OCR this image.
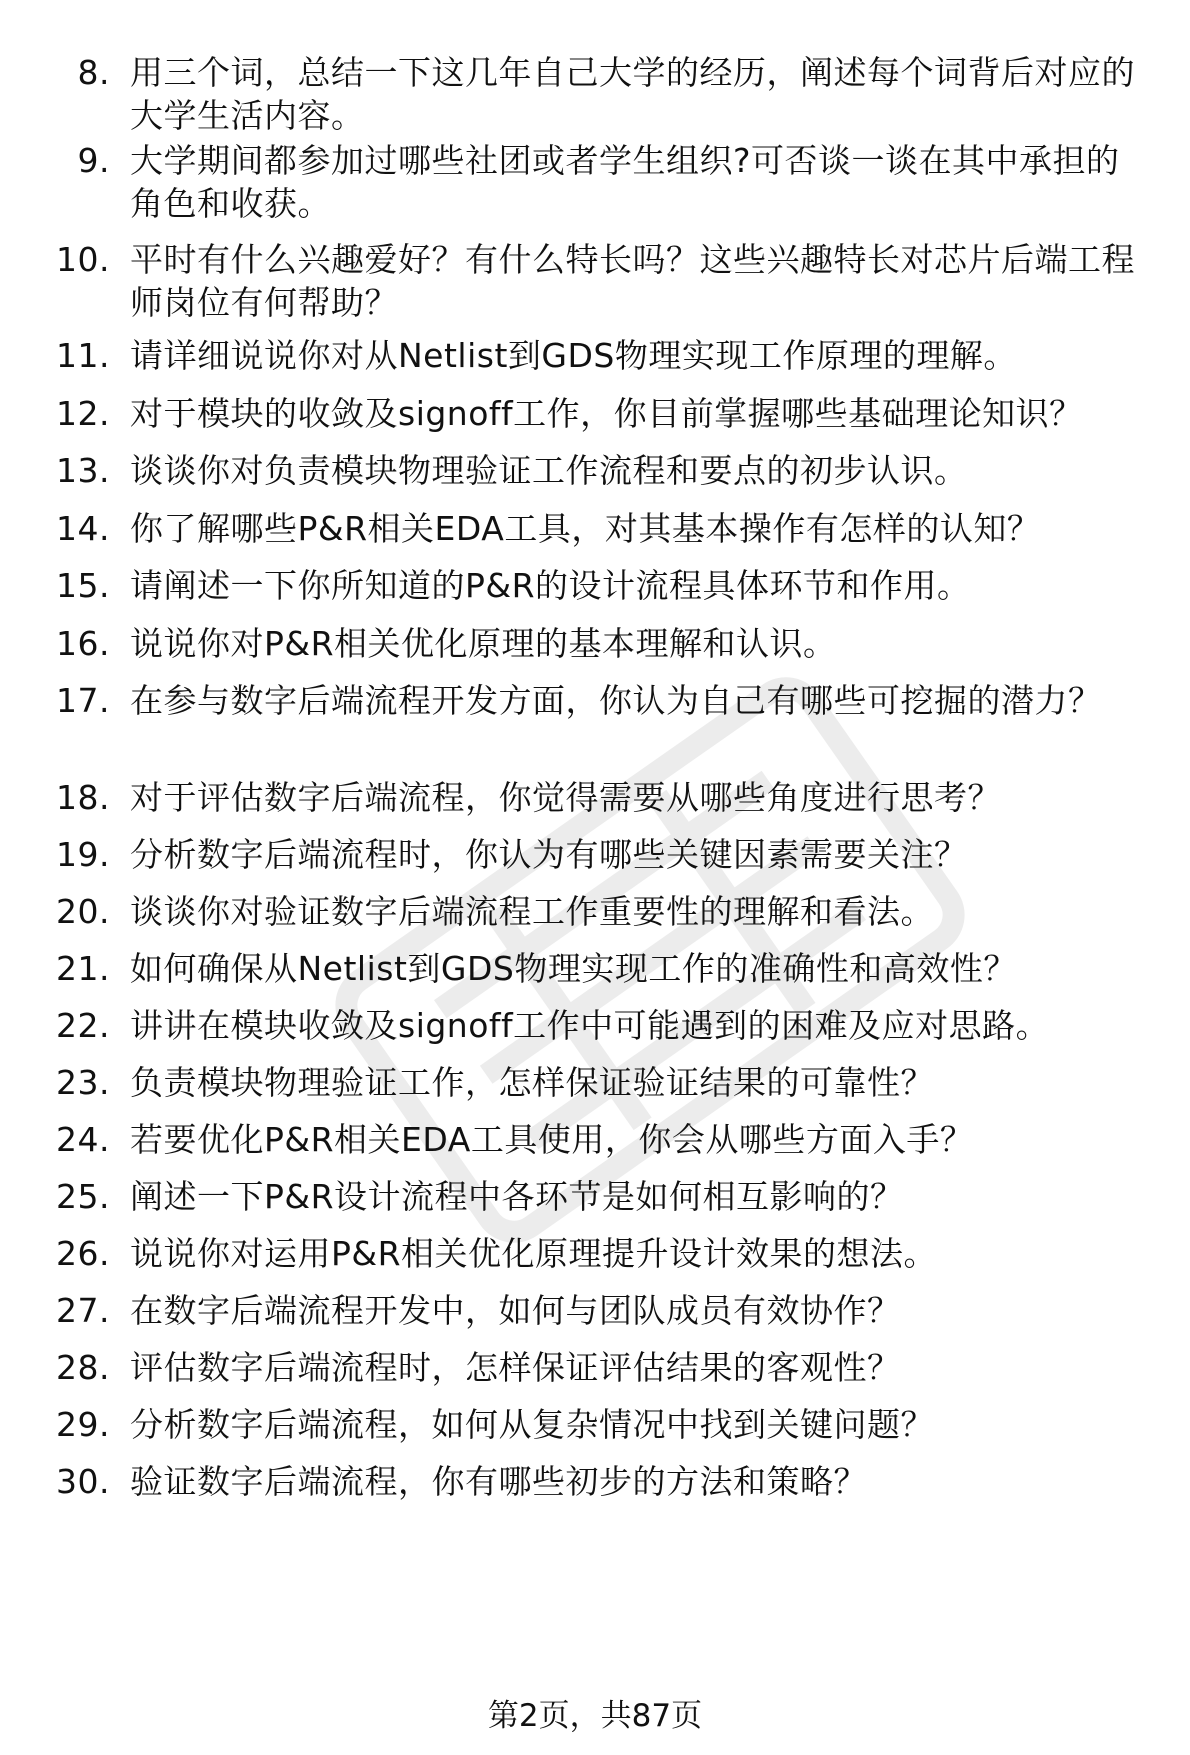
8. 用三个词，总结一下这几年自己大学的经历，阐述每个词背后对应的大学生活内容。
9. 大学期间都参加过哪些社团或者学生组织?可否谈一谈在其中承担的角色和收获。
10. 平时有什么兴趣爱好？有什么特长吗？这些兴趣特长对芯片后端工程师岗位有何帮助？
11. 请详细说说你对从Netlist到GDS物理实现工作原理的理解。
12. 对于模块的收敛及signoff工作，你目前掌握哪些基础理论知识？
13. 谈谈你对负责模块物理验证工作流程和要点的初步认识。
14. 你了解哪些P&R相关EDA工具，对其基本操作有怎样的认知？
15. 请阐述一下你所知道的P&R的设计流程具体环节和作用。
16. 说说你对P&R相关优化原理的基本理解和认识。
17. 在参与数字后端流程开发方面，你认为自己有哪些可挖掘的潜力？
18. 对于评估数字后端流程，你觉得需要从哪些角度进行思考？
19. 分析数字后端流程时，你认为有哪些关键因素需要关注？
20. 谈谈你对验证数字后端流程工作重要性的理解和看法。
21. 如何确保从Netlist到GDS物理实现工作的准确性和高效性？
22. 讲讲在模块收敛及signoff工作中可能遇到的困难及应对思路。
23. 负责模块物理验证工作，怎样保证验证结果的可靠性？
24. 若要优化P&R相关EDA工具使用，你会从哪些方面入手？
25. 阐述一下P&R设计流程中各环节是如何相互影响的？
26. 说说你对运用P&R相关优化原理提升设计效果的想法。
27. 在数字后端流程开发中，如何与团队成员有效协作？
28. 评估数字后端流程时，怎样保证评估结果的客观性？
29. 分析数字后端流程，如何从复杂情况中找到关键问题？
30. 验证数字后端流程，你有哪些初步的方法和策略？
第2页，共87页
